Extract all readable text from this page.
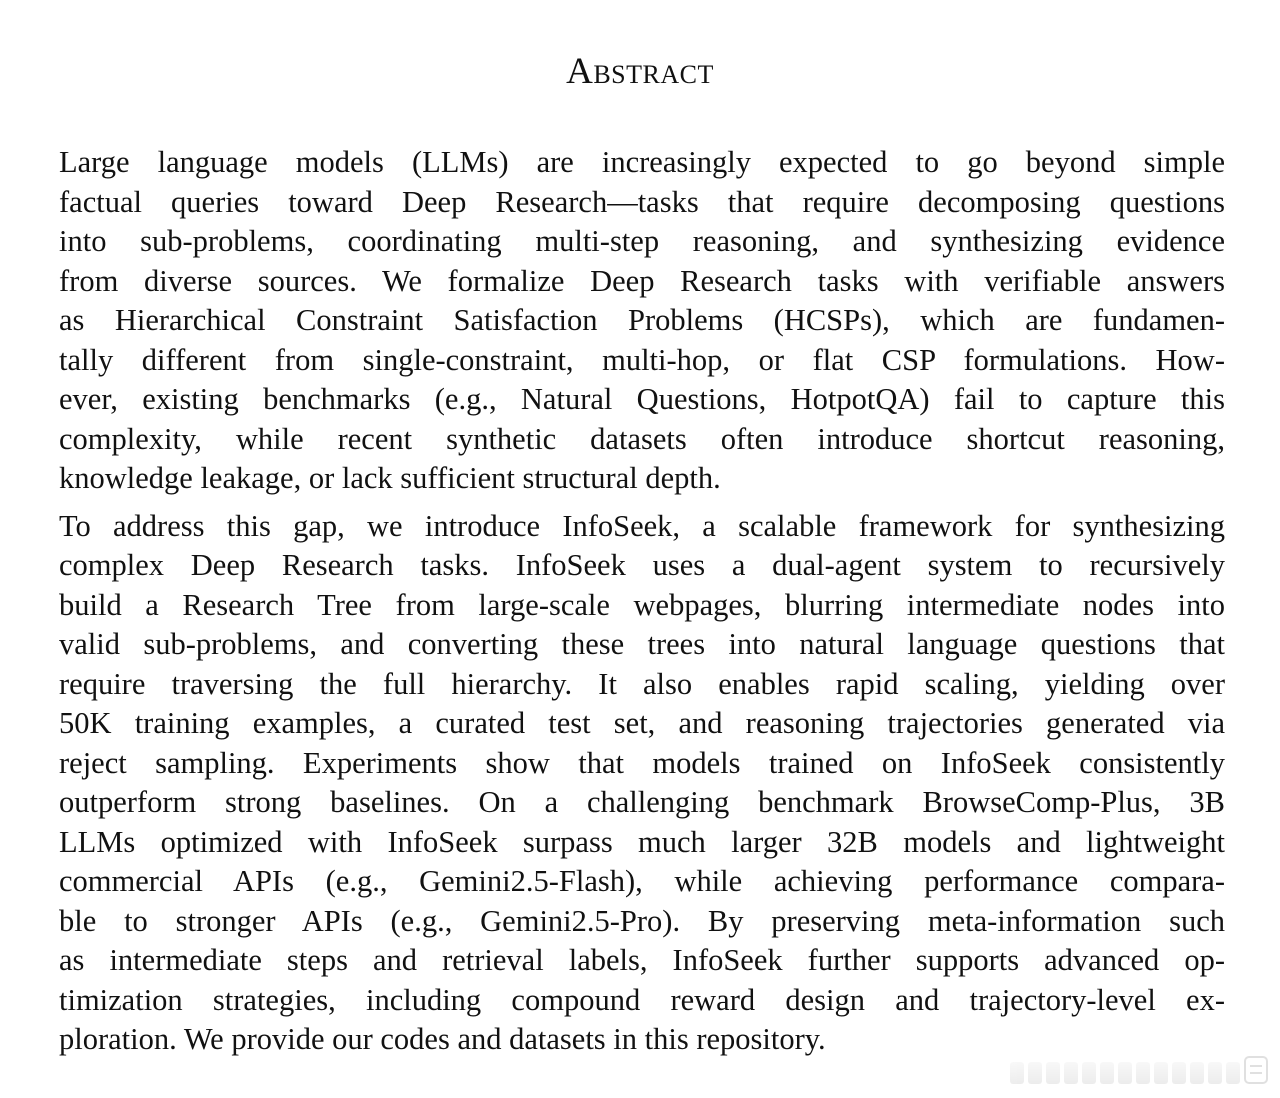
Abstract

Large language models (LLMs) are increasingly expected to go beyond simple
factual queries toward Deep Research—tasks that require decomposing questions
into sub-problems, coordinating multi-step reasoning, and synthesizing evidence
from diverse sources. We formalize Deep Research tasks with verifiable answers
as Hierarchical Constraint Satisfaction Problems (HCSPs), which are fundamen-
tally different from single-constraint, multi-hop, or flat CSP formulations. How-
ever, existing benchmarks (e.g., Natural Questions, HotpotQA) fail to capture this
complexity, while recent synthetic datasets often introduce shortcut reasoning,
knowledge leakage, or lack sufficient structural depth.

To address this gap, we introduce InfoSeek, a scalable framework for synthesizing
complex Deep Research tasks. InfoSeek uses a dual-agent system to recursively
build a Research Tree from large-scale webpages, blurring intermediate nodes into
valid sub-problems, and converting these trees into natural language questions that
require traversing the full hierarchy. It also enables rapid scaling, yielding over
50K training examples, a curated test set, and reasoning trajectories generated via
reject sampling. Experiments show that models trained on InfoSeek consistently
outperform strong baselines. On a challenging benchmark BrowseComp-Plus, 3B
LLMs optimized with InfoSeek surpass much larger 32B models and lightweight
commercial APIs (e.g., Gemini2.5-Flash), while achieving performance compara-
ble to stronger APIs (e.g., Gemini2.5-Pro). By preserving meta-information such
as intermediate steps and retrieval labels, InfoSeek further supports advanced op-
timization strategies, including compound reward design and trajectory-level ex-
ploration. We provide our codes and datasets in this repository.
